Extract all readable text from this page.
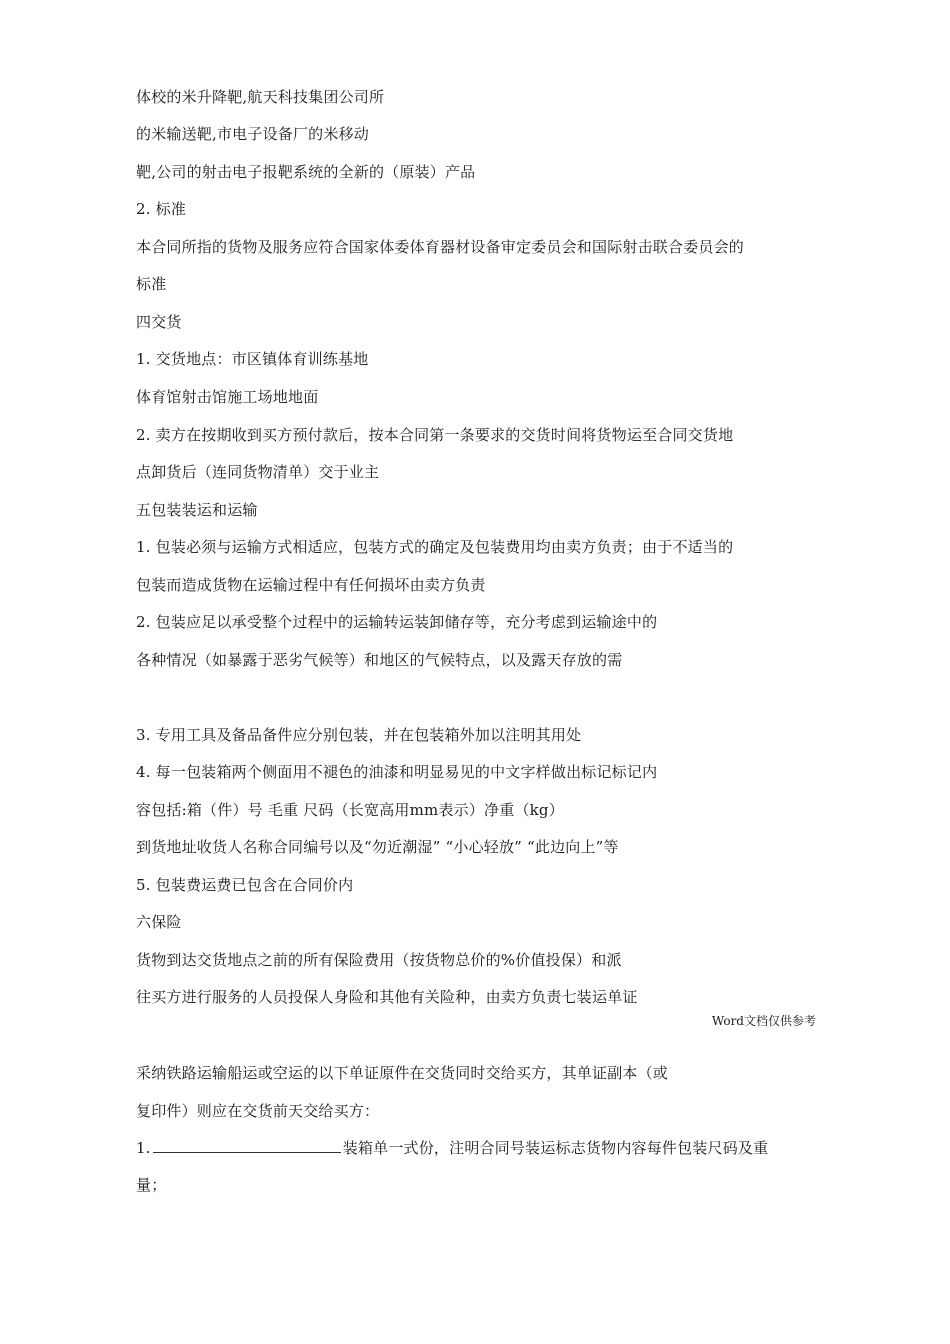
体校的米升降靶,航天科技集团公司所
的米输送靶,市电子设备厂的米移动
靶,公司的射击电子报靶系统的全新的（原装）产品
2. 标准
本合同所指的货物及服务应符合国家体委体育器材设备审定委员会和国际射击联合委员会的
标准
四交货
1. 交货地点：市区镇体育训练基地
体育馆射击馆施工场地地面
2. 卖方在按期收到买方预付款后，按本合同第一条要求的交货时间将货物运至合同交货地
点卸货后（连同货物清单）交于业主
五包装装运和运输
1. 包装必须与运输方式相适应，包装方式的确定及包装费用均由卖方负责；由于不适当的
包装而造成货物在运输过程中有任何损坏由卖方负责
2. 包装应足以承受整个过程中的运输转运装卸储存等，充分考虑到运输途中的
各种情况（如暴露于恶劣气候等）和地区的气候特点，以及露天存放的需
3. 专用工具及备品备件应分别包装，并在包装箱外加以注明其用处
4. 每一包装箱两个侧面用不褪色的油漆和明显易见的中文字样做出标记标记内
容包括:箱（件）号 毛重 尺码（长宽高用mm表示）净重（kg）
到货地址收货人名称合同编号以及“勿近潮湿” “小心轻放” “此边向上”等
5. 包装费运费已包含在合同价内
六保险
货物到达交货地点之前的所有保险费用（按货物总价的%价值投保）和派
往买方进行服务的人员投保人身险和其他有关险种，由卖方负责七装运单证
Word文档仅供参考
采纳铁路运输船运或空运的以下单证原件在交货同时交给买方，其单证副本（或
复印件）则应在交货前天交给买方：
1.	装箱单一式份，注明合同号装运标志货物内容每件包装尺码及重
量；
